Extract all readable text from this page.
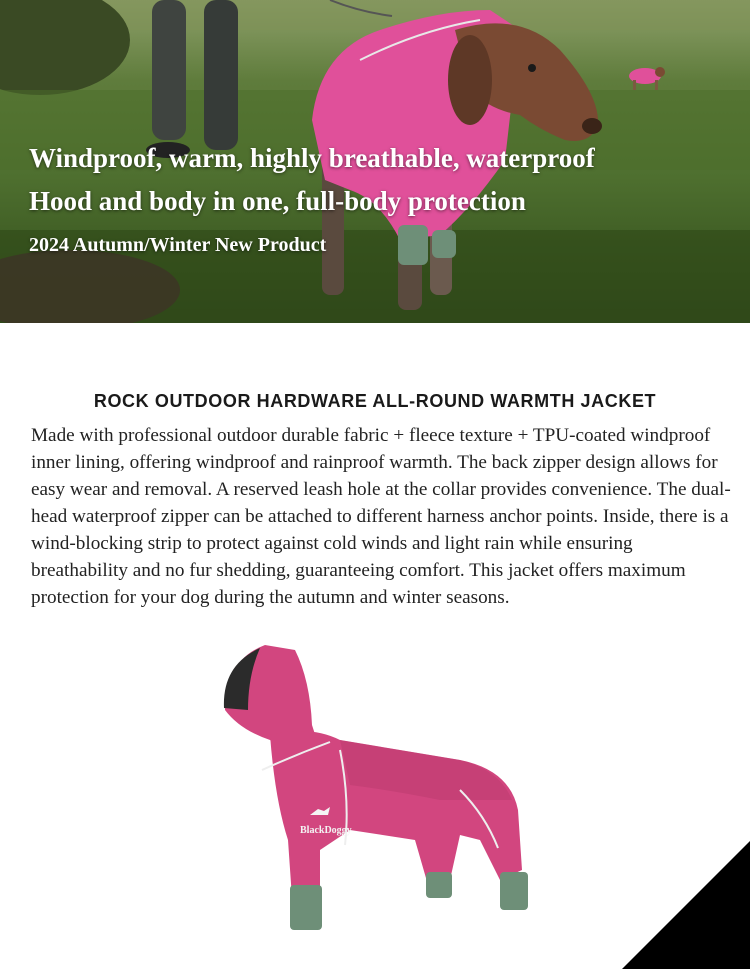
Windproof, warm, highly breathable, waterproof

Hood and body in one, full-body protection

2024 Autumn/Winter New Product

ROCK OUTDOOR HARDWARE ALL-ROUND WARMTH JACKET

Made with professional outdoor durable fabric + fleece texture + TPU-coated windproof inner lining, offering windproof and rainproof warmth. The back zipper design allows for easy wear and removal. A reserved leash hole at the collar provides convenience. The dual-head waterproof zipper can be attached to different harness anchor points. Inside, there is a wind-blocking strip to protect against cold winds and light rain while ensuring breathability and no fur shedding, guaranteeing comfort. This jacket offers maximum protection for your dog during the autumn and winter seasons.

BlackDoggy
